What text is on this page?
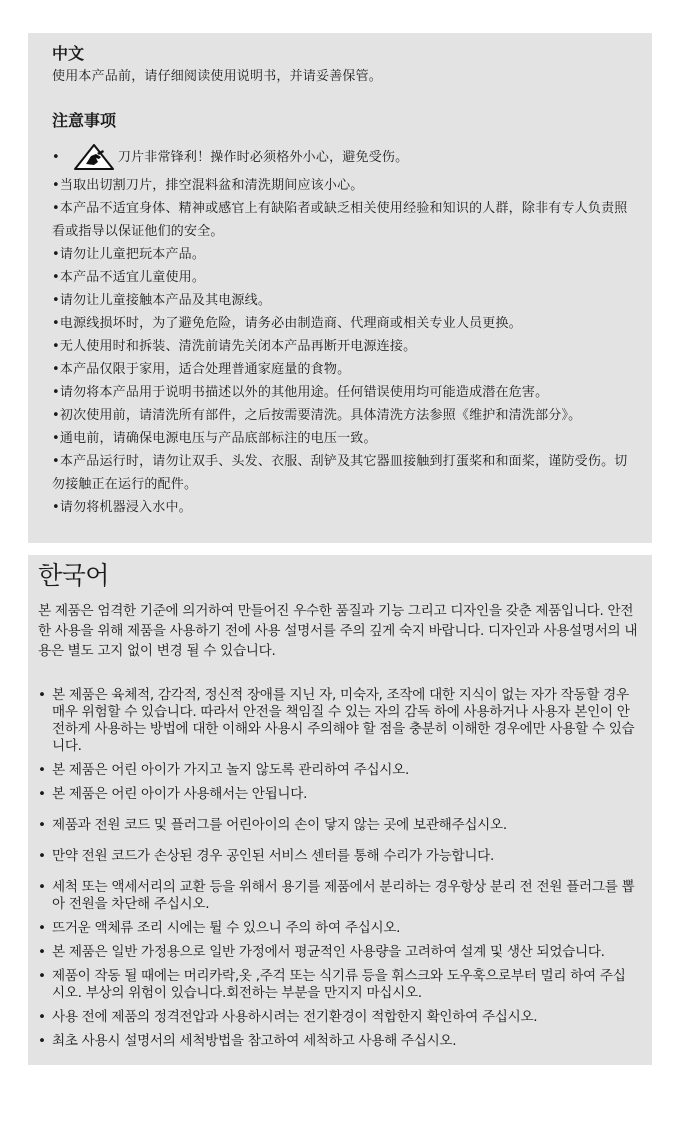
中文

使用本产品前，请仔细阅读使用说明书，并请妥善保管。

注意事项
•	刀片非常锋利！操作时必须格外小心，避免受伤。
•当取出切割刀片，排空混料盆和清洗期间应该小心。
•本产品不适宜身体、精神或感官上有缺陷者或缺乏相关使用经验和知识的人群，除非有专人负责照看或指导以保证他们的安全。
•请勿让儿童把玩本产品。
•本产品不适宜儿童使用。
•请勿让儿童接触本产品及其电源线。
•电源线损坏时，为了避免危险，请务必由制造商、代理商或相关专业人员更换。
•无人使用时和拆装、清洗前请先关闭本产品再断开电源连接。
•本产品仅限于家用，适合处理普通家庭量的食物。
•请勿将本产品用于说明书描述以外的其他用途。任何错误使用均可能造成潜在危害。
•初次使用前，请清洗所有部件，之后按需要清洗。具体清洗方法参照《维护和清洗部分》。
•通电前，请确保电源电压与产品底部标注的电压一致。
•本产品运行时，请勿让双手、头发、衣服、刮铲及其它器皿接触到打蛋桨和和面桨，谨防受伤。切勿接触正在运行的配件。
•请勿将机器浸入水中。
한국어

본 제품은 엄격한 기준에 의거하여 만들어진 우수한 품질과 기능 그리고 디자인을 갖춘 제품입니다. 안전한 사용을 위해 제품을 사용하기 전에 사용 설명서를 주의 깊게 숙지 바랍니다. 디자인과 사용설명서의 내용은 별도 고지 없이 변경 될 수 있습니다.

• 본 제품은 육체적, 감각적, 정신적 장애를 지닌 자, 미숙자, 조작에 대한 지식이 없는 자가 작동할 경우 매우 위험할 수 있습니다. 따라서 안전을 책임질 수 있는 자의 감독 하에 사용하거나 사용자 본인이 안전하게 사용하는 방법에 대한 이해와 사용시 주의해야 할 점을 충분히 이해한 경우에만 사용할 수 있습니다.
• 본 제품은 어린 아이가 가지고 놀지 않도록 관리하여 주십시오.
• 본 제품은 어린 아이가 사용해서는 안됩니다.
• 제품과 전원 코드 및 플러그를 어린아이의 손이 닿지 않는 곳에 보관해주십시오.
• 만약 전원 코드가 손상된 경우 공인된 서비스 센터를 통해 수리가 가능합니다.
• 세척 또는 액세서리의 교환 등을 위해서 용기를 제품에서 분리하는 경우항상 분리 전 전원 플러그를 뽑아 전원을 차단해 주십시오.
• 뜨거운 액체류 조리 시에는 튈 수 있으니 주의 하여 주십시오.
• 본 제품은 일반 가정용으로 일반 가정에서 평균적인 사용량을 고려하여 설계 및 생산 되었습니다.
• 제품이 작동 될 때에는 머리카락,옷 ,주걱 또는 식기류 등을 휘스크와 도우훅으로부터 멀리 하여 주십시오. 부상의 위험이 있습니다.회전하는 부분을 만지지 마십시오.
• 사용 전에 제품의 정격전압과 사용하시려는 전기환경이 적합한지 확인하여 주십시오.
• 최초 사용시 설명서의 세척방법을 참고하여 세척하고 사용해 주십시오.
